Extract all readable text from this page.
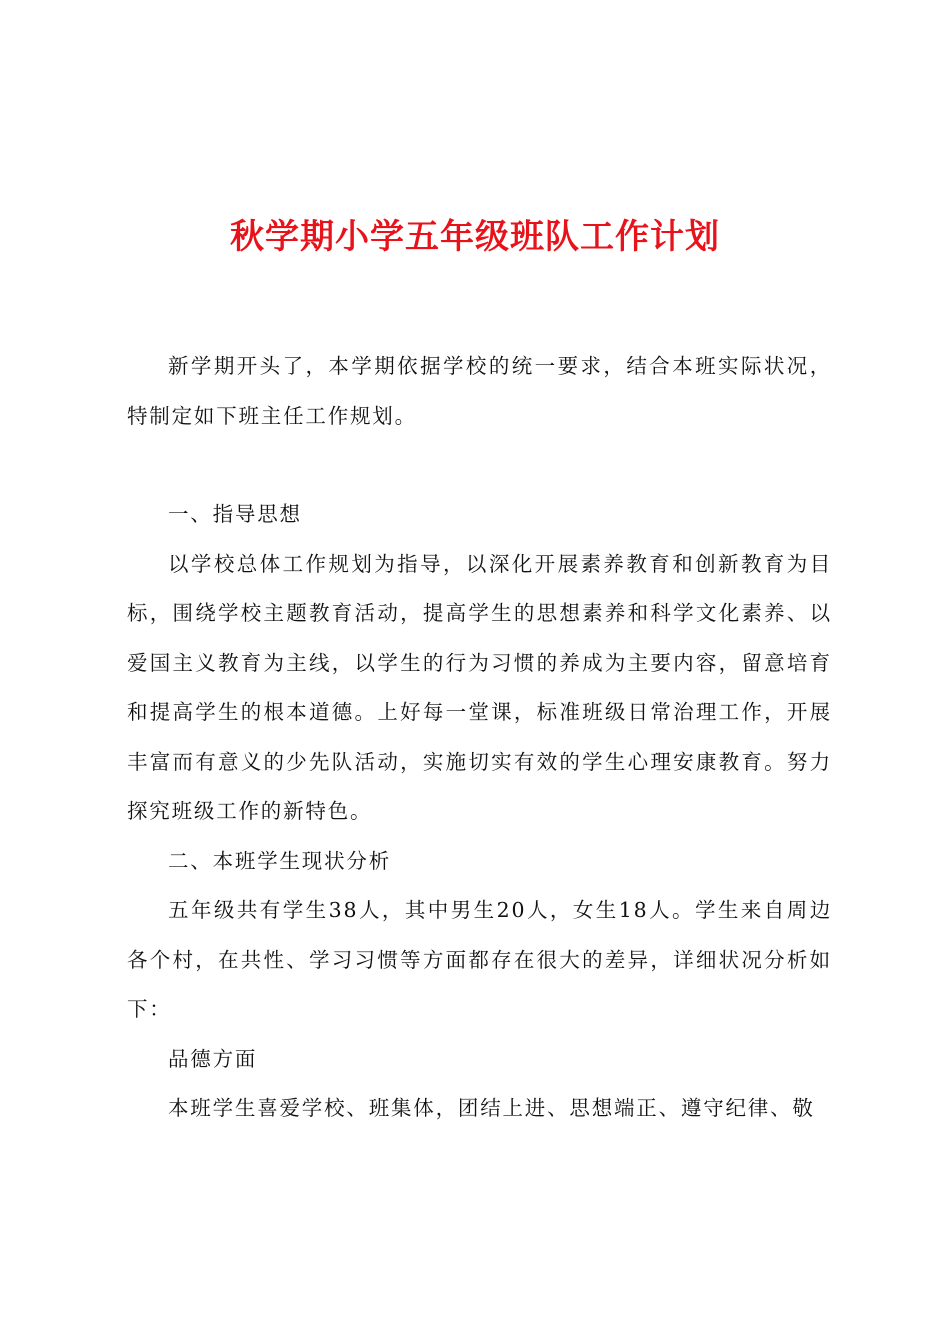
秋学期小学五年级班队工作计划

新学期开头了，本学期依据学校的统一要求，结合本班实际状况，特制定如下班主任工作规划。

一、指导思想

以学校总体工作规划为指导，以深化开展素养教育和创新教育为目标，围绕学校主题教育活动，提高学生的思想素养和科学文化素养、以爱国主义教育为主线，以学生的行为习惯的养成为主要内容，留意培育和提高学生的根本道德。上好每一堂课，标准班级日常治理工作，开展丰富而有意义的少先队活动，实施切实有效的学生心理安康教育。努力探究班级工作的新特色。

二、本班学生现状分析

五年级共有学生38人，其中男生20人，女生18人。学生来自周边各个村，在共性、学习习惯等方面都存在很大的差异，详细状况分析如下：

品德方面

本班学生喜爱学校、班集体，团结上进、思想端正、遵守纪律、敬
